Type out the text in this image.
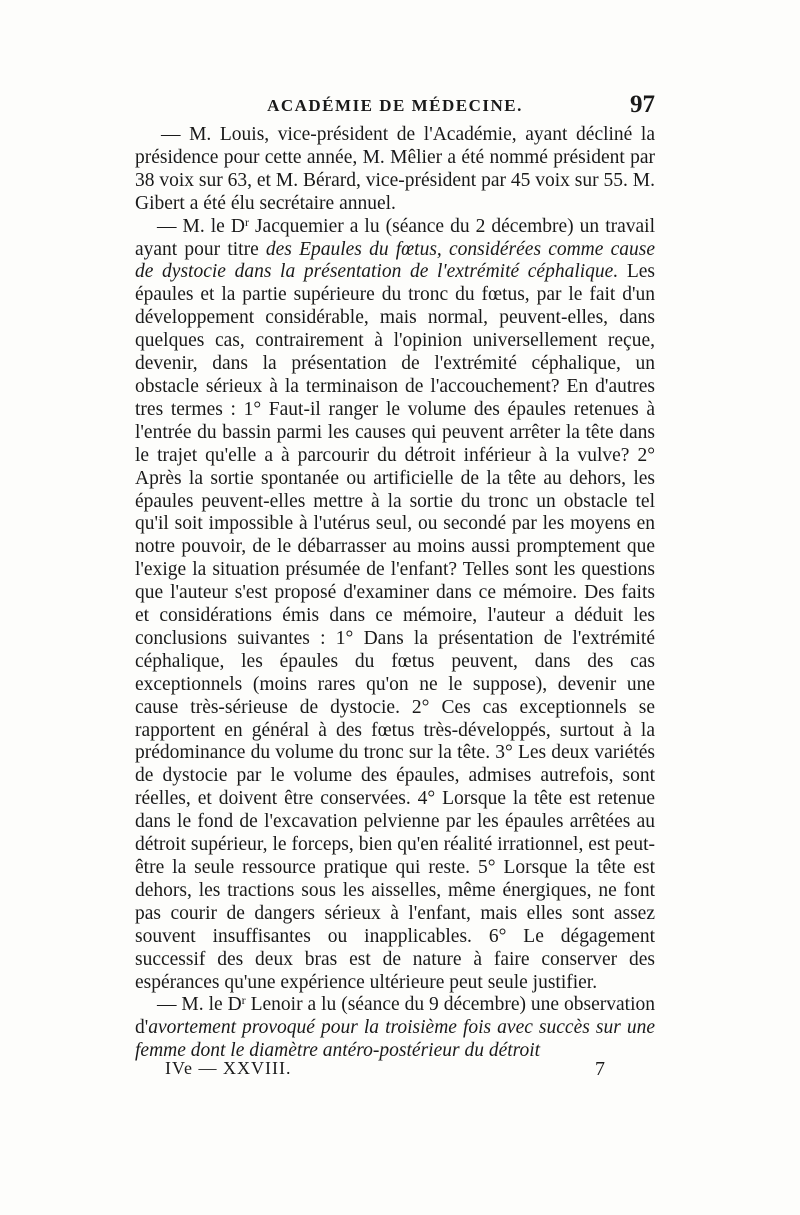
ACADÉMIE DE MÉDECINE.	97

— M. Louis, vice-président de l'Académie, ayant décliné la présidence pour cette année, M. Mêlier a été nommé président par 38 voix sur 63, et M. Bérard, vice-président par 45 voix sur 55. M. Gibert a été élu secrétaire annuel.

— M. le $D^r$ Jacquemier a lu (séance du 2 décembre) un travail ayant pour titre des Epaules du fœtus, considérées comme cause de dystocie dans la présentation de l'extrémité céphalique. Les épaules et la partie supérieure du tronc du fœtus, par le fait d'un développement considérable, mais normal, peuvent-elles, dans quelques cas, contrairement à l'opinion universellement reçue, devenir, dans la présentation de l'extrémité céphalique, un obstacle sérieux à la terminaison de l'accouchement? En d'autres tres termes : 1° Faut-il ranger le volume des épaules retenues à l'entrée du bassin parmi les causes qui peuvent arrêter la tête dans le trajet qu'elle a à parcourir du détroit inférieur à la vulve? 2° Après la sortie spontanée ou artificielle de la tête au dehors, les épaules peuvent-elles mettre à la sortie du tronc un obstacle tel qu'il soit impossible à l'utérus seul, ou secondé par les moyens en notre pouvoir, de le débarrasser au moins aussi promptement que l'exige la situation présumée de l'enfant? Telles sont les questions que l'auteur s'est proposé d'examiner dans ce mémoire. Des faits et considérations émis dans ce mémoire, l'auteur a déduit les conclusions suivantes : 1° Dans la présentation de l'extrémité céphalique, les épaules du fœtus peuvent, dans des cas exceptionnels (moins rares qu'on ne le suppose), devenir une cause très-sérieuse de dystocie. 2° Ces cas exceptionnels se rapportent en général à des fœtus très-développés, surtout à la prédominance du volume du tronc sur la tête. 3° Les deux variétés de dystocie par le volume des épaules, admises autrefois, sont réelles, et doivent être conservées. 4° Lorsque la tête est retenue dans le fond de l'excavation pelvienne par les épaules arrêtées au détroit supérieur, le forceps, bien qu'en réalité irrationnel, est peut-être la seule ressource pratique qui reste. 5° Lorsque la tête est dehors, les tractions sous les aisselles, même énergiques, ne font pas courir de dangers sérieux à l'enfant, mais elles sont assez souvent insuffisantes ou inapplicables. 6° Le dégagement successif des deux bras est de nature à faire conserver des espérances qu'une expérience ultérieure peut seule justifier.

— M. le $D^r$ Lenoir a lu (séance du 9 décembre) une observation d'avortement provoqué pour la troisième fois avec succès sur une femme dont le diamètre antéro-postérieur du détroit

IVe — XXVIII.	7
